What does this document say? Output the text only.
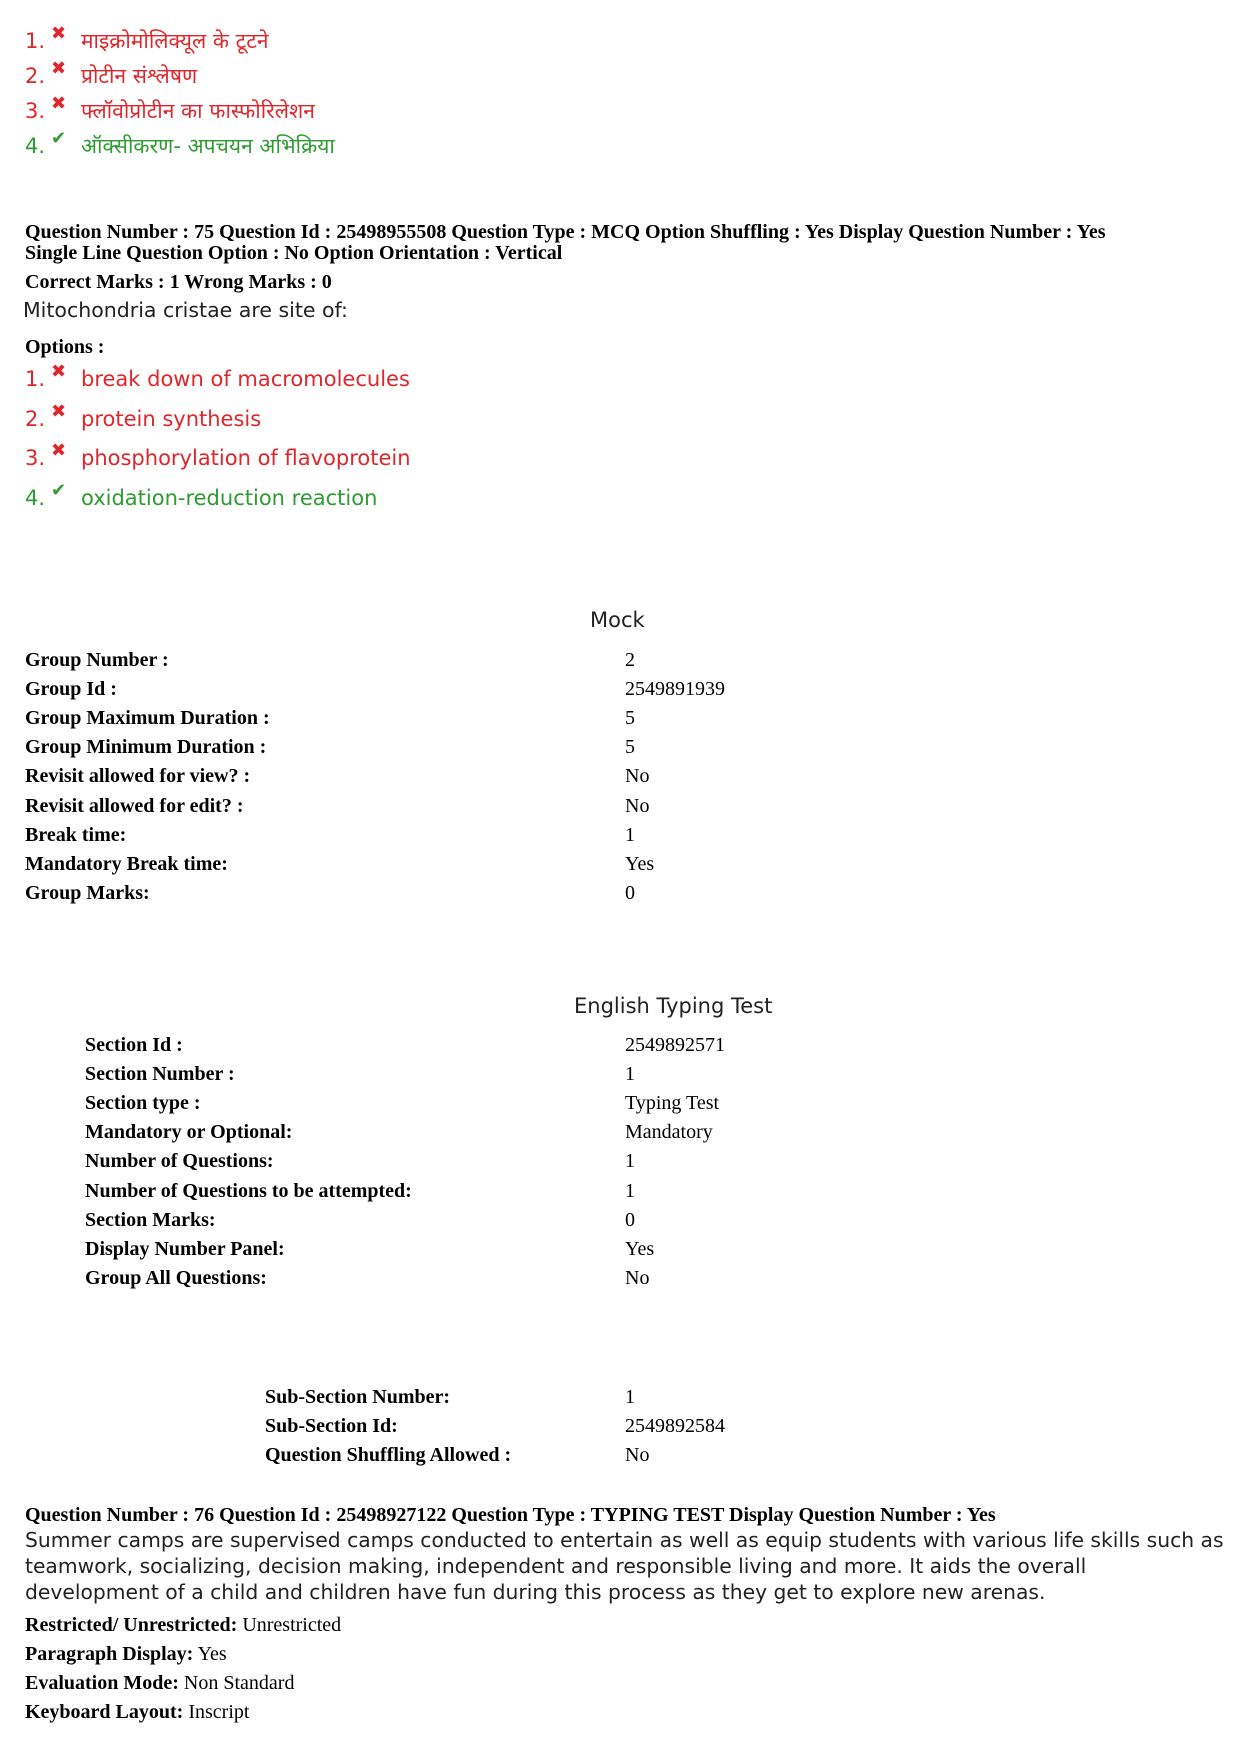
1. ✖ माइक्रोमोलिक्यूल के टूटने
2. ✖ प्रोटीन संश्लेषण
3. ✖ फ्लॉवोप्रोटीन का फास्फोरिलेशन
4. ✔ ऑक्सीकरण- अपचयन अभिक्रिया
Question Number : 75 Question Id : 25498955508 Question Type : MCQ Option Shuffling : Yes Display Question Number : Yes
Single Line Question Option : No Option Orientation : Vertical
Correct Marks : 1 Wrong Marks : 0
Mitochondria cristae are site of:
Options :
1. ✖ break down of macromolecules
2. ✖ protein synthesis
3. ✖ phosphorylation of flavoprotein
4. ✔ oxidation-reduction reaction
Mock
Group Number :	2
Group Id :	2549891939
Group Maximum Duration :	5
Group Minimum Duration :	5
Revisit allowed for view? :	No
Revisit allowed for edit? :	No
Break time:	1
Mandatory Break time:	Yes
Group Marks:	0
English Typing Test
Section Id :	2549892571
Section Number :	1
Section type :	Typing Test
Mandatory or Optional:	Mandatory
Number of Questions:	1
Number of Questions to be attempted:	1
Section Marks:	0
Display Number Panel:	Yes
Group All Questions:	No
Sub-Section Number:	1
Sub-Section Id:	2549892584
Question Shuffling Allowed :	No
Question Number : 76 Question Id : 25498927122 Question Type : TYPING TEST Display Question Number : Yes
Summer camps are supervised camps conducted to entertain as well as equip students with various life skills such as teamwork, socializing, decision making, independent and responsible living and more. It aids the overall development of a child and children have fun during this process as they get to explore new arenas.
Restricted/ Unrestricted: Unrestricted
Paragraph Display: Yes
Evaluation Mode: Non Standard
Keyboard Layout: Inscript
